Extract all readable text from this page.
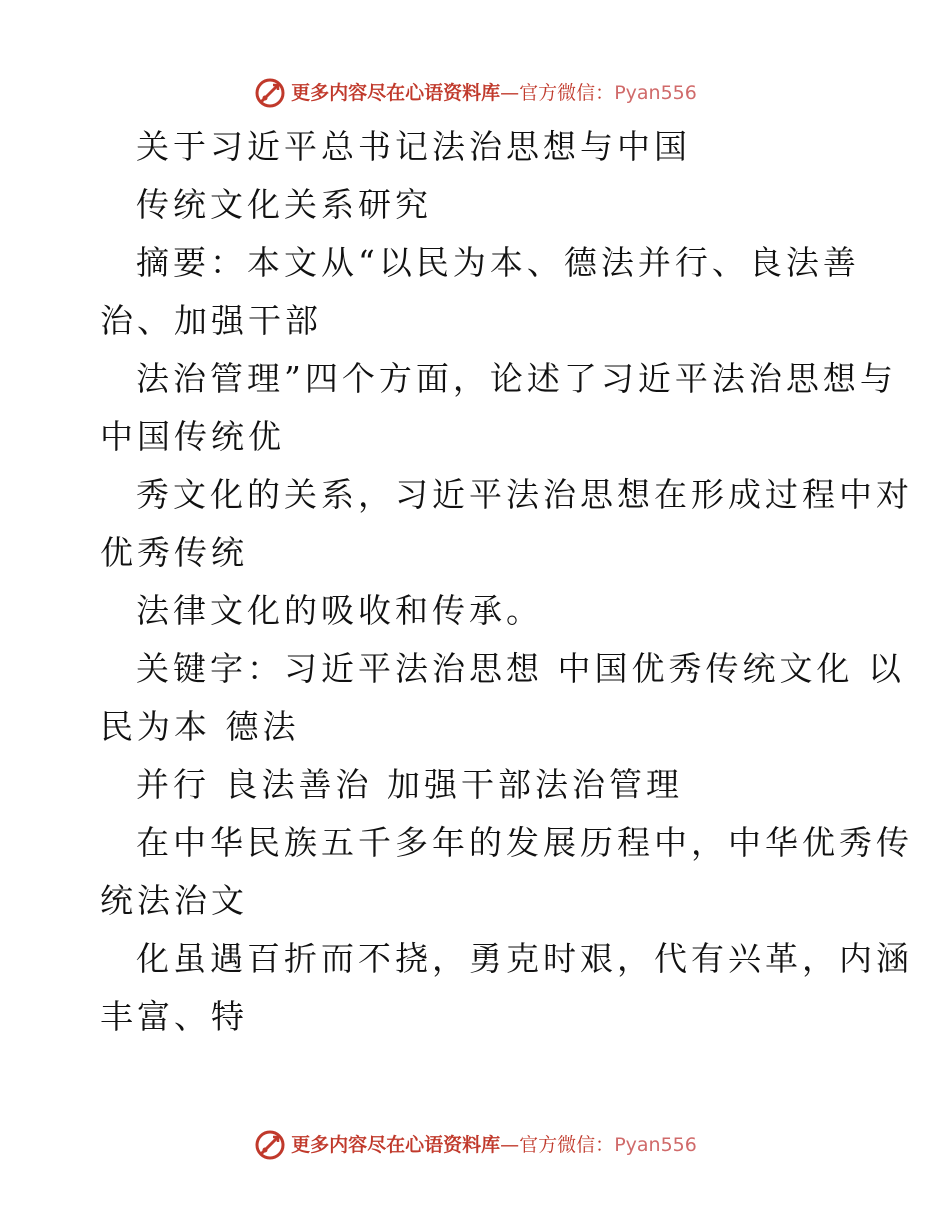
更多内容尽在心语资料库 — 官方微信： Pyan556
关于习近平总书记法治思想与中国
传统文化关系研究
摘要：本文从“以民为本、德法并行、良法善
治、加强干部
法治管理”四个方面，论述了习近平法治思想与
中国传统优
秀文化的关系，习近平法治思想在形成过程中对
优秀传统
法律文化的吸收和传承。
关键字：习近平法治思想 中国优秀传统文化 以
民为本 德法
并行 良法善治 加强干部法治管理
在中华民族五千多年的发展历程中，中华优秀传
统法治文
化虽遇百折而不挠，勇克时艰，代有兴革，内涵
丰富、特
更多内容尽在心语资料库 — 官方微信： Pyan556
